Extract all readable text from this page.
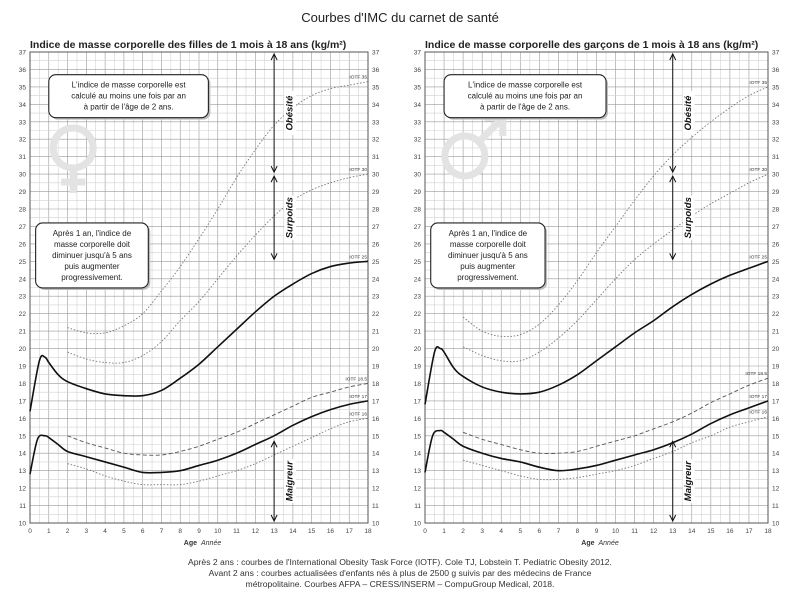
Courbes d'IMC du carnet de santé
Indice de masse corporelle des filles de 1 mois à 18 ans (kg/m²)
10	10
11	11
12	12
13	13
14	14
15	15
16	16
17	17
18	18
19	19
20	20
21	21
22	22
23	23
24	24
25	25
26	26
27	27
28	28
29	29
30	30
31	31
32	32
33	33
34	34
35	35
36	36
37	37
0 1 2 3 4 5 6 7 8 9 10 11 12 13 14 15 16 17 18
Age Année
IOTF 35
IOTF 30
IOTF 25
IOTF 18.5
IOTF 17
IOTF 16
Obésité
Surpoids
Maigreur
L'indice de masse corporelle est
calculé au moins une fois par an
à partir de l'âge de 2 ans.
Après 1 an, l'indice de
masse corporelle doit
diminuer jusqu'à 5 ans
puis augmenter
progressivement.
Indice de masse corporelle des garçons de 1 mois à 18 ans (kg/m²)
10	10
11	11
12	12
13	13
14	14
15	15
16	16
17	17
18	18
19	19
20	20
21	21
22	22
23	23
24	24
25	25
26	26
27	27
28	28
29	29
30	30
31	31
32	32
33	33
34	34
35	35
36	36
37	37
0 1 2 3 4 5 6 7 8 9 10 11 12 13 14 15 16 17 18
Age Année
IOTF 35
IOTF 30
IOTF 25
IOTF 18.5
IOTF 17
IOTF 16
Obésité
Surpoids
Maigreur
L'indice de masse corporelle est
calculé au moins une fois par an
à partir de l'âge de 2 ans.
Après 1 an, l'indice de
masse corporelle doit
diminuer jusqu'à 5 ans
puis augmenter
progressivement.
Après 2 ans : courbes de l'International Obesity Task Force (IOTF). Cole TJ, Lobstein T. Pediatric Obesity 2012.
Avant 2 ans : courbes actualisées d'enfants nés à plus de 2500 g suivis par des médecins de France
métropolitaine. Courbes AFPA – CRESS/INSERM – CompuGroup Medical, 2018.
